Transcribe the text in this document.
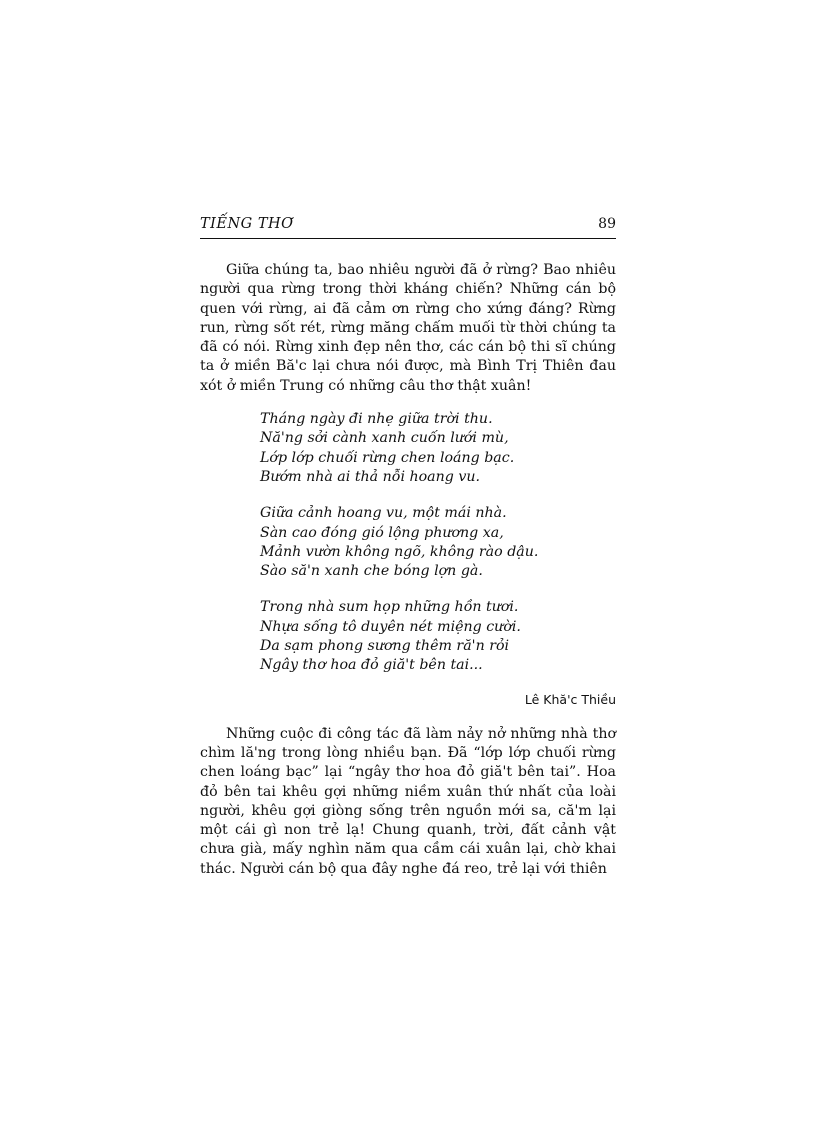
TIẾNG THƠ	89

Giữa chúng ta, bao nhiêu người đã ở rừng? Bao nhiêu người qua rừng trong thời kháng chiến? Những cán bộ quen với rừng, ai đã cảm ơn rừng cho xứng đáng? Rừng run, rừng sốt rét, rừng măng chấm muối từ thời chúng ta đã có nói. Rừng xinh đẹp nên thơ, các cán bộ thi sĩ chúng ta ở miền Bă'c lại chưa nói được, mà Bình Trị Thiên đau xót ở miền Trung có những câu thơ thật xuân!

Tháng ngày đi nhẹ giữa trời thu.
Nă'ng sởi cành xanh cuốn lưới mù,
Lớp lớp chuối rừng chen loáng bạc.
Bướm nhà ai thả nỗi hoang vu.
Giữa cảnh hoang vu, một mái nhà.
Sàn cao đóng gió lộng phương xa,
Mảnh vườn không ngõ, không rào dậu.
Sào să'n xanh che bóng lợn gà.
Trong nhà sum họp những hồn tươi.
Nhựa sống tô duyên nét miệng cười.
Da sạm phong sương thêm ră'n rỏi
Ngây thơ hoa đỏ giă't bên tai...
Lê Khă'c Thiều

Những cuộc đi công tác đã làm nảy nở những nhà thơ chìm lă'ng trong lòng nhiều bạn. Đã “lớp lớp chuối rừng chen loáng bạc” lại “ngây thơ hoa đỏ giă't bên tai”. Hoa đỏ bên tai khêu gợi những niềm xuân thứ nhất của loài người, khêu gợi giòng sống trên nguồn mới sa, că'm lại một cái gì non trẻ lạ! Chung quanh, trời, đất cảnh vật chưa già, mấy nghìn năm qua cầm cái xuân lại, chờ khai thác. Người cán bộ qua đây nghe đá reo, trẻ lại với thiên
